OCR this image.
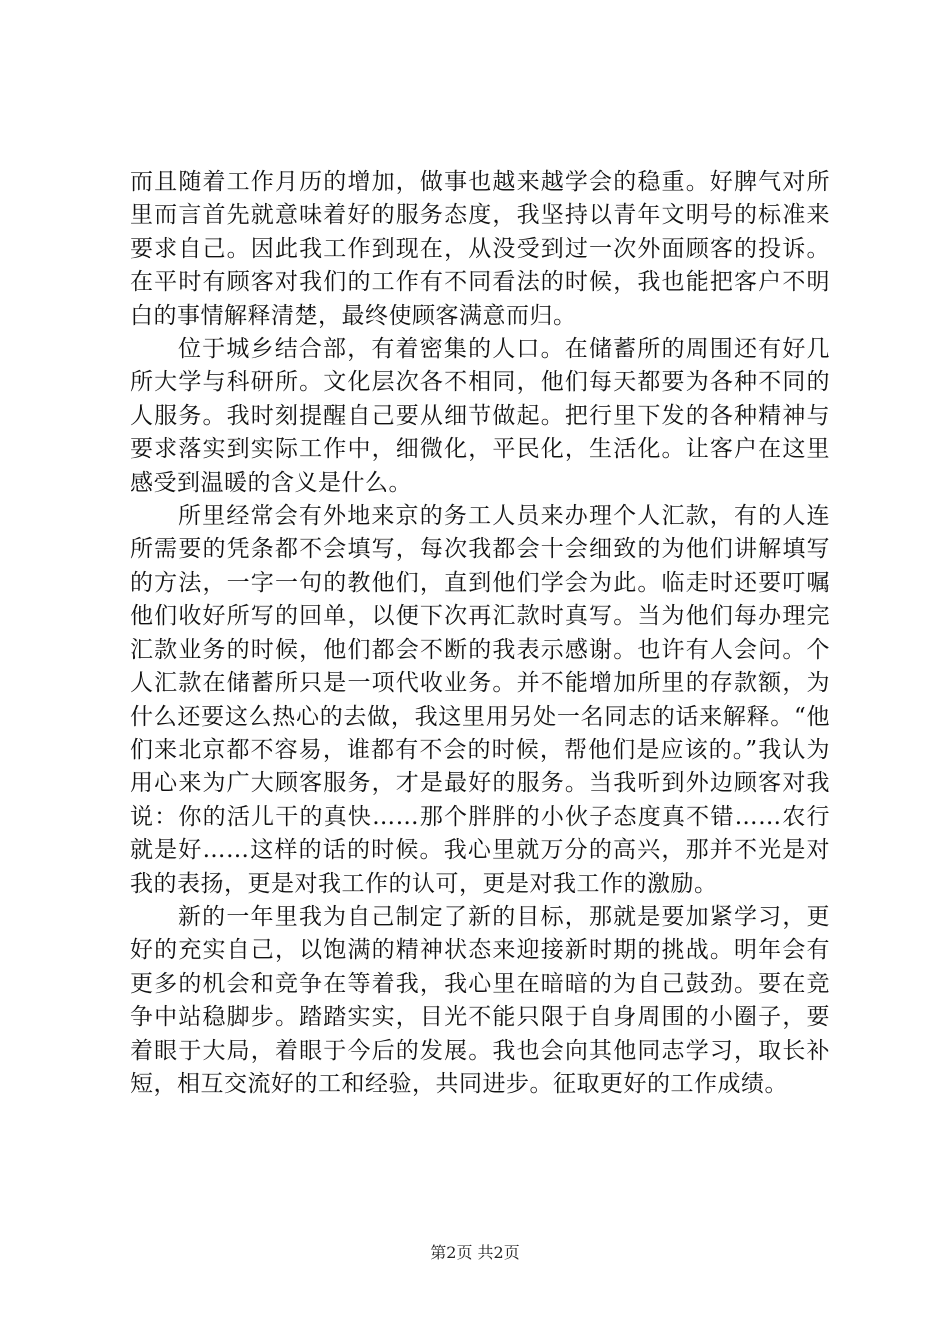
而且随着工作月历的增加，做事也越来越学会的稳重。好脾气对所里而言首先就意味着好的服务态度，我坚持以青年文明号的标准来要求自己。因此我工作到现在，从没受到过一次外面顾客的投诉。在平时有顾客对我们的工作有不同看法的时候，我也能把客户不明白的事情解释清楚，最终使顾客满意而归。

位于城乡结合部，有着密集的人口。在储蓄所的周围还有好几所大学与科研所。文化层次各不相同，他们每天都要为各种不同的人服务。我时刻提醒自己要从细节做起。把行里下发的各种精神与要求落实到实际工作中，细微化，平民化，生活化。让客户在这里感受到温暖的含义是什么。

所里经常会有外地来京的务工人员来办理个人汇款，有的人连所需要的凭条都不会填写，每次我都会十会细致的为他们讲解填写的方法，一字一句的教他们，直到他们学会为此。临走时还要叮嘱他们收好所写的回单，以便下次再汇款时真写。当为他们每办理完汇款业务的时候，他们都会不断的我表示感谢。也许有人会问。个人汇款在储蓄所只是一项代收业务。并不能增加所里的存款额，为什么还要这么热心的去做，我这里用另处一名同志的话来解释。“他们来北京都不容易，谁都有不会的时候，帮他们是应该的。”我认为用心来为广大顾客服务，才是最好的服务。当我听到外边顾客对我说：你的活儿干的真快……那个胖胖的小伙子态度真不错……农行就是好……这样的话的时候。我心里就万分的高兴，那并不光是对我的表扬，更是对我工作的认可，更是对我工作的激励。

新的一年里我为自己制定了新的目标，那就是要加紧学习，更好的充实自己，以饱满的精神状态来迎接新时期的挑战。明年会有更多的机会和竞争在等着我，我心里在暗暗的为自己鼓劲。要在竞争中站稳脚步。踏踏实实，目光不能只限于自身周围的小圈子，要着眼于大局，着眼于今后的发展。我也会向其他同志学习，取长补短，相互交流好的工和经验，共同进步。征取更好的工作成绩。

第2页 共2页
